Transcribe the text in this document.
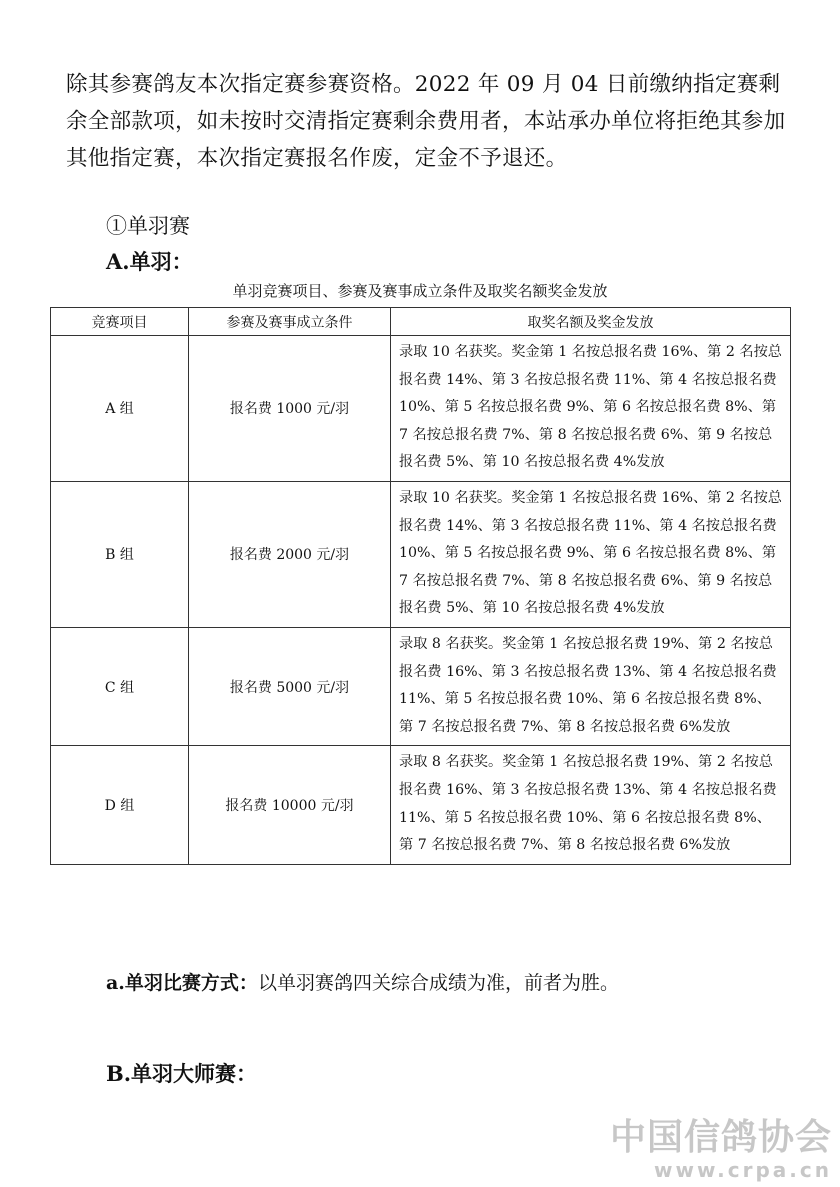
除其参赛鸽友本次指定赛参赛资格。2022 年 09 月 04 日前缴纳指定赛剩余全部款项，如未按时交清指定赛剩余费用者，本站承办单位将拒绝其参加其他指定赛，本次指定赛报名作废，定金不予退还。

①单羽赛

A.单羽：

单羽竞赛项目、参赛及赛事成立条件及取奖名额奖金发放

竞赛项目	参赛及赛事成立条件	取奖名额及奖金发放
A 组	报名费 1000 元/羽	录取 10 名获奖。奖金第 1 名按总报名费 16%、第 2 名按总报名费 14%、第 3 名按总报名费 11%、第 4 名按总报名费 10%、第 5 名按总报名费 9%、第 6 名按总报名费 8%、第 7 名按总报名费 7%、第 8 名按总报名费 6%、第 9 名按总报名费 5%、第 10 名按总报名费 4%发放
B 组	报名费 2000 元/羽	录取 10 名获奖。奖金第 1 名按总报名费 16%、第 2 名按总报名费 14%、第 3 名按总报名费 11%、第 4 名按总报名费 10%、第 5 名按总报名费 9%、第 6 名按总报名费 8%、第 7 名按总报名费 7%、第 8 名按总报名费 6%、第 9 名按总报名费 5%、第 10 名按总报名费 4%发放
C 组	报名费 5000 元/羽	录取 8 名获奖。奖金第 1 名按总报名费 19%、第 2 名按总报名费 16%、第 3 名按总报名费 13%、第 4 名按总报名费 11%、第 5 名按总报名费 10%、第 6 名按总报名费 8%、第 7 名按总报名费 7%、第 8 名按总报名费 6%发放
D 组	报名费 10000 元/羽	录取 8 名获奖。奖金第 1 名按总报名费 19%、第 2 名按总报名费 16%、第 3 名按总报名费 13%、第 4 名按总报名费 11%、第 5 名按总报名费 10%、第 6 名按总报名费 8%、第 7 名按总报名费 7%、第 8 名按总报名费 6%发放

a.单羽比赛方式：以单羽赛鸽四关综合成绩为准，前者为胜。

B.单羽大师赛：

中国信鸽协会
www.crpa.cn
